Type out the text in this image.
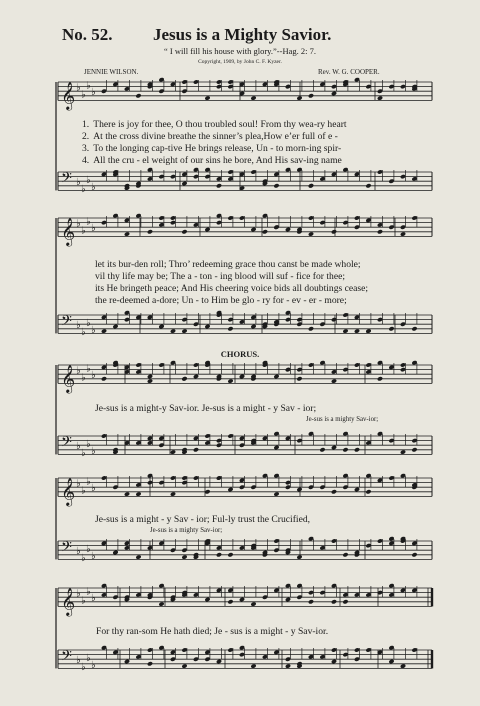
𝄞 ♭
♭
♭
♭
𝄢 ♭
♭
♭
♭
𝄞 ♭
♭
♭
♭
𝄢 ♭
♭
♭
♭
𝄞 ♭
♭
♭
♭
𝄢 ♭
♭
♭
♭
𝄞 ♭
♭
♭
♭
𝄢 ♭
♭
♭
♭
𝄞 ♭
♭
♭
♭
𝄢 ♭
♭
♭
♭
No. 52. Jesus is a Mighty Savior.
“ I will fill his house with glory.”--Hag. 2: 7.
Copyright, 1909, by John C. F. Kyzer.
JENNIE WILSON.	Rev. W. G. COOPER.
1. There is joy for thee, O thou troubled soul! From thy wea-ry heart
2. At the cross divine breathe the sinner’s plea,How e’er full of e -
3. To the longing cap-tive He brings release, Un - to morn-ing spir-
4. All the cru - el weight of our sins he bore, And His sav-ing name
let its bur-den roll; Thro’ redeeming grace thou canst be made whole;
vil thy life may be; The a - ton - ing blood will suf - fice for thee;
its He bringeth peace; And His cheering voice bids all doubtings cease;
the re-deemed a-dore; Un - to Him be glo - ry for - ev - er - more;
CHORUS.
Je-sus is a might-y Sav-ior. Je-sus is a might - y Sav - ior;
Je-sus is a mighty Sav-ior;
Je-sus is a might - y Sav - ior; Ful-ly trust the Crucified,
Je-sus is a mighty Sav-ior;
For thy ran-som He hath died; Je - sus is a might - y Sav-ior.
